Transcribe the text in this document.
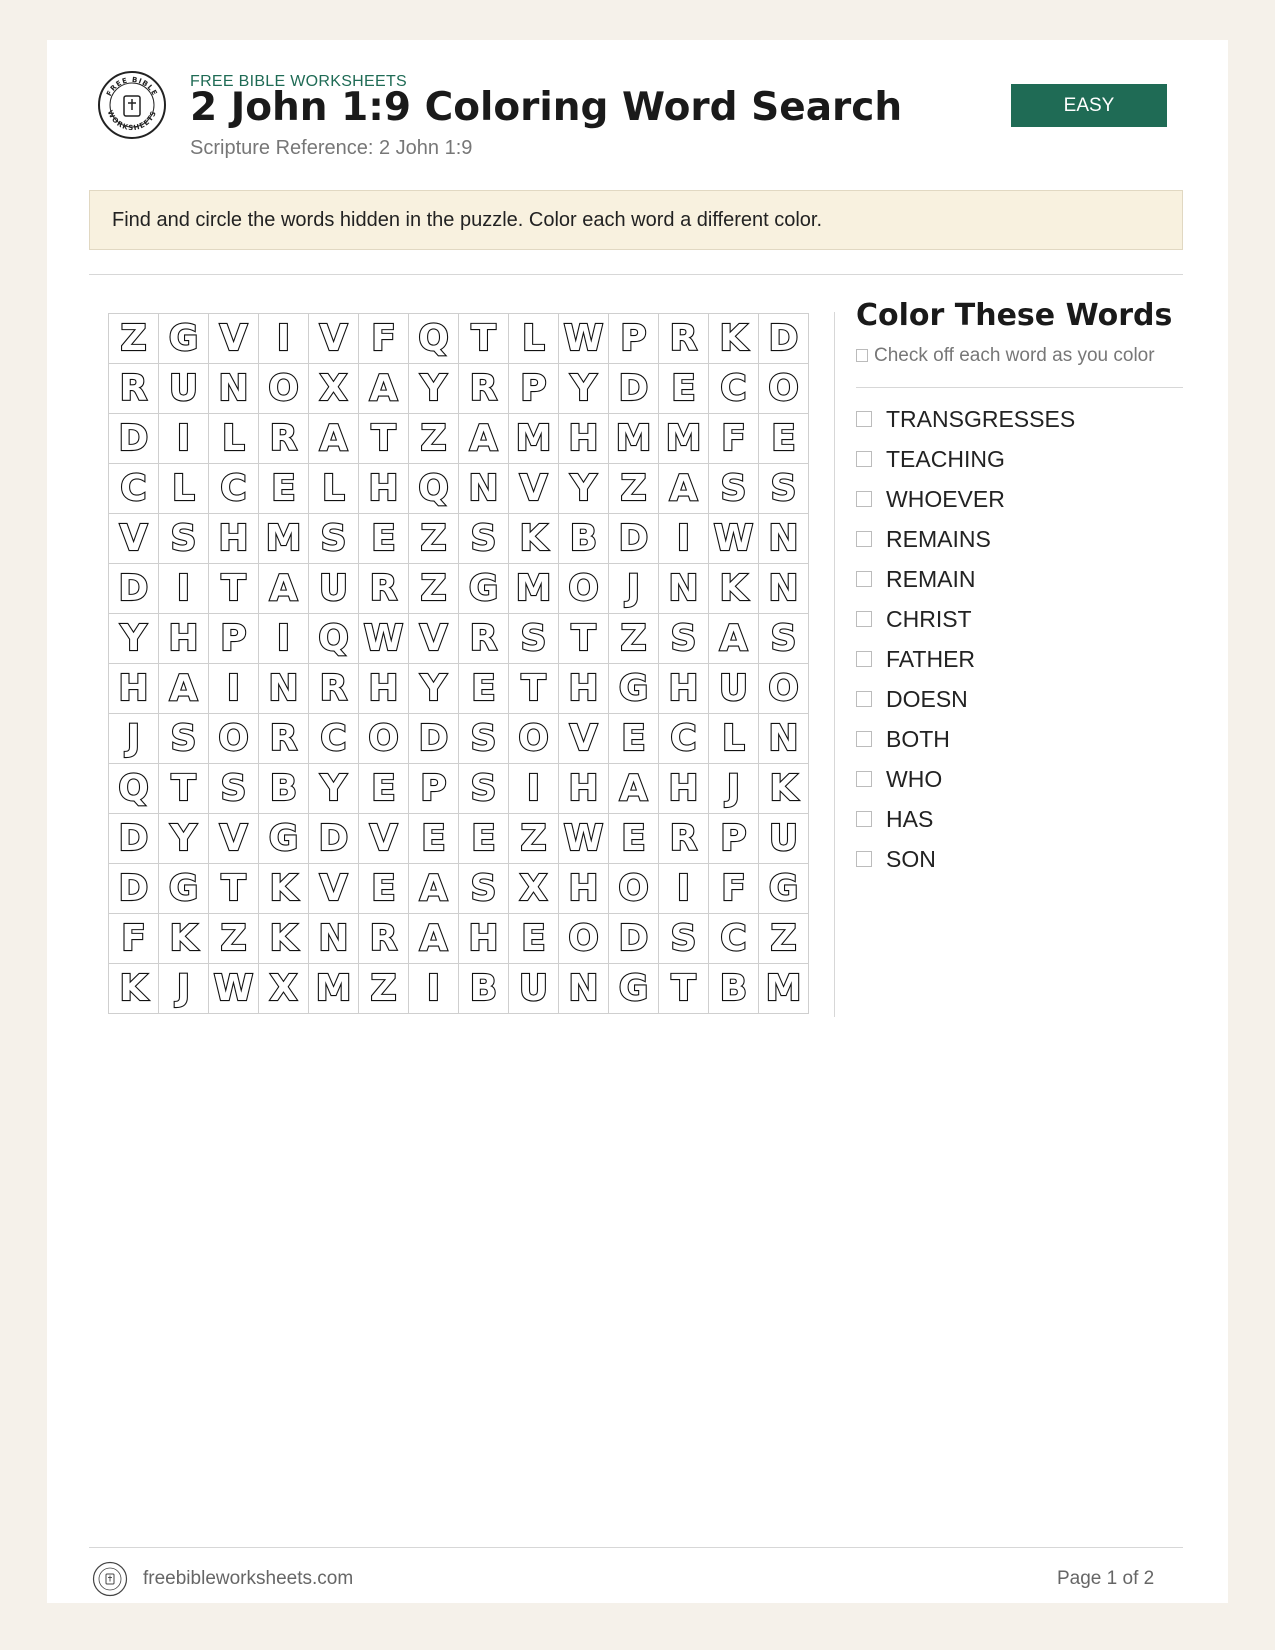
FREE BIBLE
WORKSHEETS
FREE BIBLE WORKSHEETS
2 John 1:9 Coloring Word Search
Scripture Reference: 2 John 1:9
EASY
Find and circle the words hidden in the puzzle. Color each word a different color.
Z G V I V F Q T L W P R K D
R U N O X A Y R P Y D E C O
D I L R A T Z A M H M M F E
C L C E L H Q N V Y Z A S S
V S H M S E Z S K B D I W N
D I T A U R Z G M O J N K N
Y H P I Q W V R S T Z S A S
H A I N R H Y E T H G H U O
J S O R C O D S O V E C L N
Q T S B Y E P S I H A H J K
D Y V G D V E E Z W E R P U
D G T K V E A S X H O I F G
F K Z K N R A H E O D S C Z
K J W X M Z I B U N G T B M
Color These Words
Check off each word as you color
TRANSGRESSES
TEACHING
WHOEVER
REMAINS
REMAIN
CHRIST
FATHER
DOESN
BOTH
WHO
HAS
SON
freebibleworksheets.com	Page 1 of 2
